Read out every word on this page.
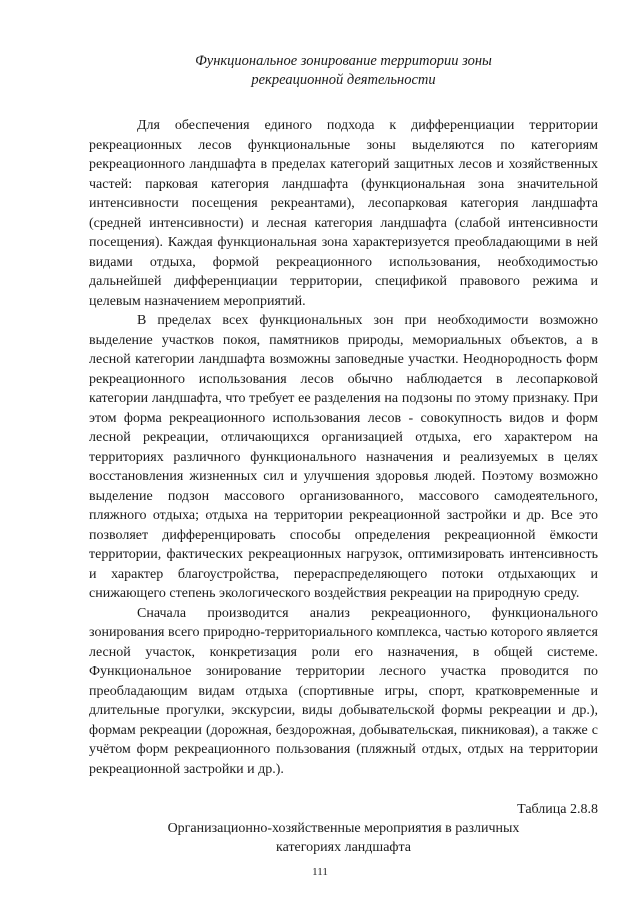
Функциональное зонирование территории зоны
рекреационной деятельности

Для обеспечения единого подхода к дифференциации территории рекреационных лесов функциональные зоны выделяются по категориям рекреационного ландшафта в пределах категорий защитных лесов и хозяйственных частей: парковая категория ландшафта (функциональная зона значительной интенсивности посещения рекреантами), лесопарковая категория ландшафта (средней интенсивности) и лесная категория ландшафта (слабой интенсивности посещения). Каждая функциональная зона характеризуется преобладающими в ней видами отдыха, формой рекреационного использования, необходимостью дальнейшей дифференциации территории, спецификой правового режима и целевым назначением мероприятий.

В пределах всех функциональных зон при необходимости возможно выделение участков покоя, памятников природы, мемориальных объектов, а в лесной категории ландшафта возможны заповедные участки. Неоднородность форм рекреационного использования лесов обычно наблюдается в лесопарковой категории ландшафта, что требует ее разделения на подзоны по этому признаку. При этом форма рекреационного использования лесов - совокупность видов и форм лесной рекреации, отличающихся организацией отдыха, его характером на территориях различного функционального назначения и реализуемых в целях восстановления жизненных сил и улучшения здоровья людей. Поэтому возможно выделение подзон массового организованного, массового самодеятельного, пляжного отдыха; отдыха на территории рекреационной застройки и др. Все это позволяет дифференцировать способы определения рекреационной ёмкости территории, фактических рекреационных нагрузок, оптимизировать интенсивность и характер благоустройства, перераспределяющего потоки отдыхающих и снижающего степень экологического воздействия рекреации на природную среду.

Сначала производится анализ рекреационного, функционального зонирования всего природно-территориального комплекса, частью которого является лесной участок, конкретизация роли его назначения, в общей системе. Функциональное зонирование территории лесного участка проводится по преобладающим видам отдыха (спортивные игры, спорт, кратковременные и длительные прогулки, экскурсии, виды добывательской формы рекреации и др.), формам рекреации (дорожная, бездорожная, добывательская, пикниковая), а также с учётом форм рекреационного пользования (пляжный отдых, отдых на территории рекреационной застройки и др.).

Таблица 2.8.8

Организационно-хозяйственные мероприятия в различных
категориях ландшафта

111
